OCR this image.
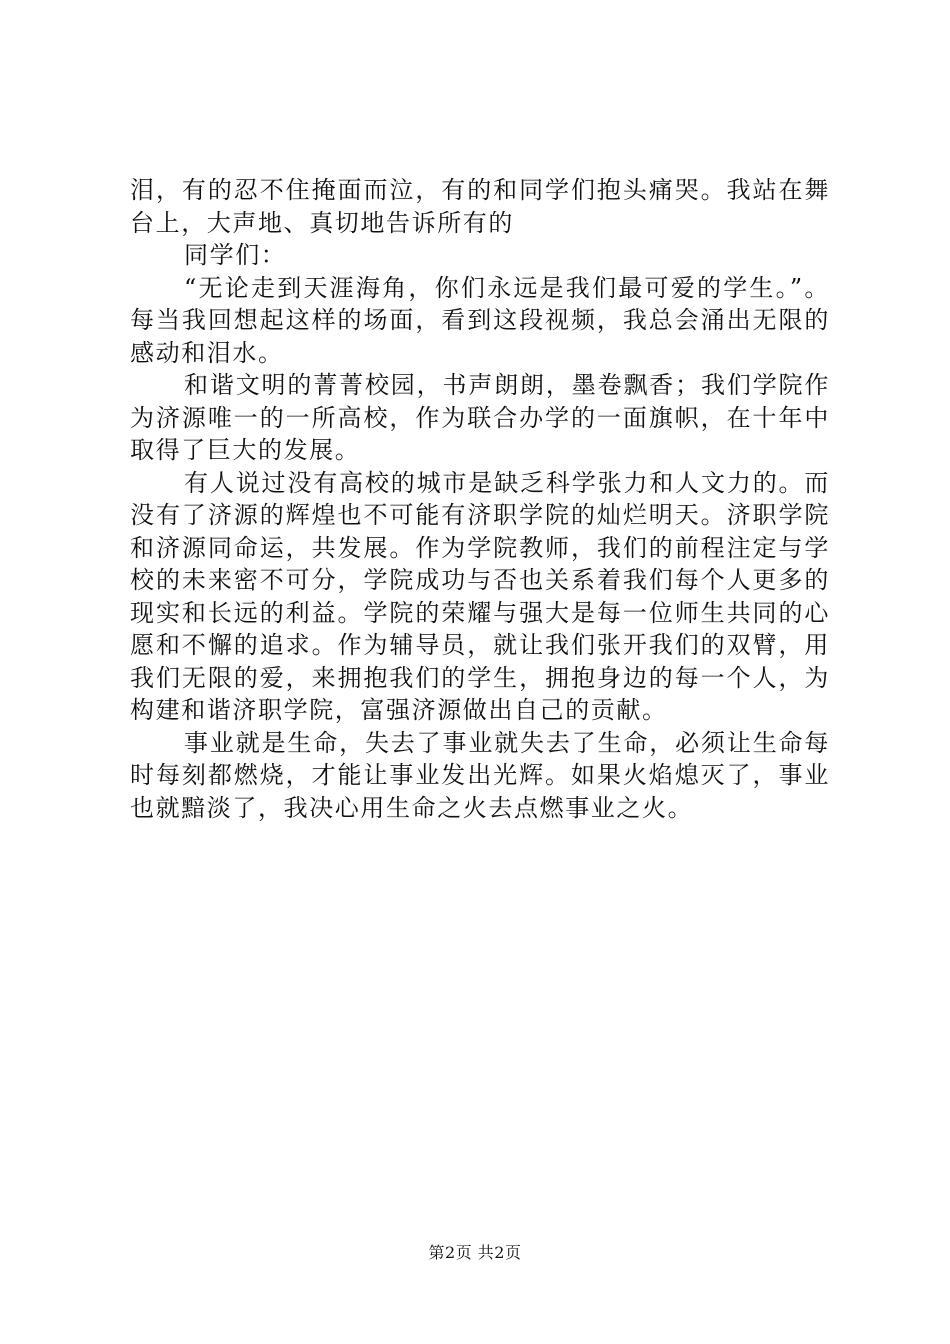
泪，有的忍不住掩面而泣，有的和同学们抱头痛哭。我站在舞台上，大声地、真切地告诉所有的

同学们：

“无论走到天涯海角，你们永远是我们最可爱的学生。”。每当我回想起这样的场面，看到这段视频，我总会涌出无限的感动和泪水。

和谐文明的菁菁校园，书声朗朗，墨卷飘香；我们学院作为济源唯一的一所高校，作为联合办学的一面旗帜，在十年中取得了巨大的发展。

有人说过没有高校的城市是缺乏科学张力和人文力的。而没有了济源的辉煌也不可能有济职学院的灿烂明天。济职学院和济源同命运，共发展。作为学院教师，我们的前程注定与学校的未来密不可分，学院成功与否也关系着我们每个人更多的现实和长远的利益。学院的荣耀与强大是每一位师生共同的心愿和不懈的追求。作为辅导员，就让我们张开我们的双臂，用我们无限的爱，来拥抱我们的学生，拥抱身边的每一个人，为构建和谐济职学院，富强济源做出自己的贡献。

事业就是生命，失去了事业就失去了生命，必须让生命每时每刻都燃烧，才能让事业发出光辉。如果火焰熄灭了，事业也就黯淡了，我决心用生命之火去点燃事业之火。

第2页 共2页
